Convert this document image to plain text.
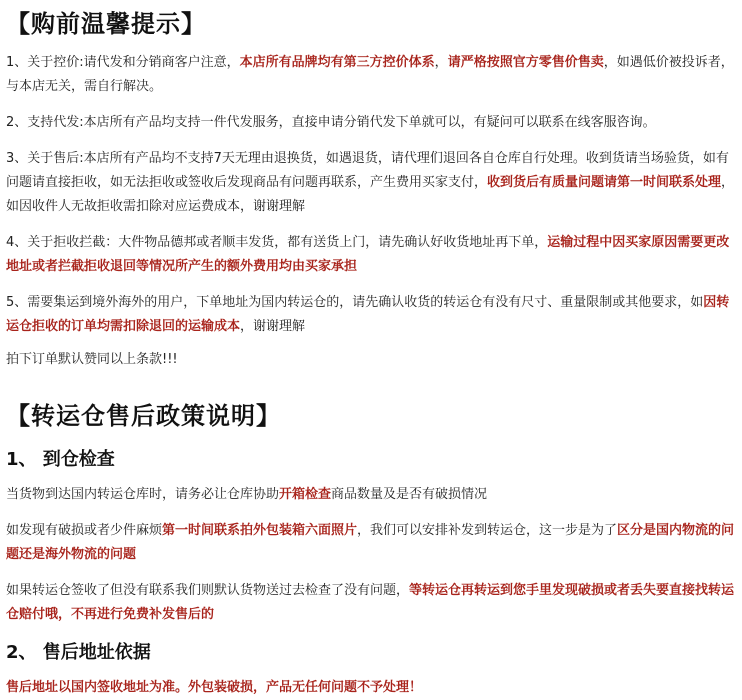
【购前温馨提示】

1、关于控价:请代发和分销商客户注意，本店所有品牌均有第三方控价体系，请严格按照官方零售价售卖，如遇低价被投诉者，与本店无关，需自行解决。

2、支持代发:本店所有产品均支持一件代发服务，直接申请分销代发下单就可以，有疑问可以联系在线客服咨询。

3、关于售后:本店所有产品均不支持7天无理由退换货，如遇退货，请代理们退回各自仓库自行处理。收到货请当场验货，如有问题请直接拒收，如无法拒收或签收后发现商品有问题再联系，产生费用买家支付，收到货后有质量问题请第一时间联系处理，如因收件人无故拒收需扣除对应运费成本，谢谢理解

4、关于拒收拦截：大件物品德邦或者顺丰发货，都有送货上门，请先确认好收货地址再下单，运输过程中因买家原因需要更改地址或者拦截拒收退回等情况所产生的额外费用均由买家承担

5、需要集运到境外海外的用户，下单地址为国内转运仓的，请先确认收货的转运仓有没有尺寸、重量限制或其他要求，如因转运仓拒收的订单均需扣除退回的运输成本，谢谢理解

拍下订单默认赞同以上条款!!!

【转运仓售后政策说明】
1、 到仓检查

当货物到达国内转运仓库时，请务必让仓库协助开箱检查商品数量及是否有破损情况

如发现有破损或者少件麻烦第一时间联系拍外包装箱六面照片，我们可以安排补发到转运仓，这一步是为了区分是国内物流的问题还是海外物流的问题

如果转运仓签收了但没有联系我们则默认货物送过去检查了没有问题，等转运仓再转运到您手里发现破损或者丢失要直接找转运仓赔付哦，不再进行免费补发售后的

2、 售后地址依据

售后地址以国内签收地址为准。外包装破损，产品无任何问题不予处理！
